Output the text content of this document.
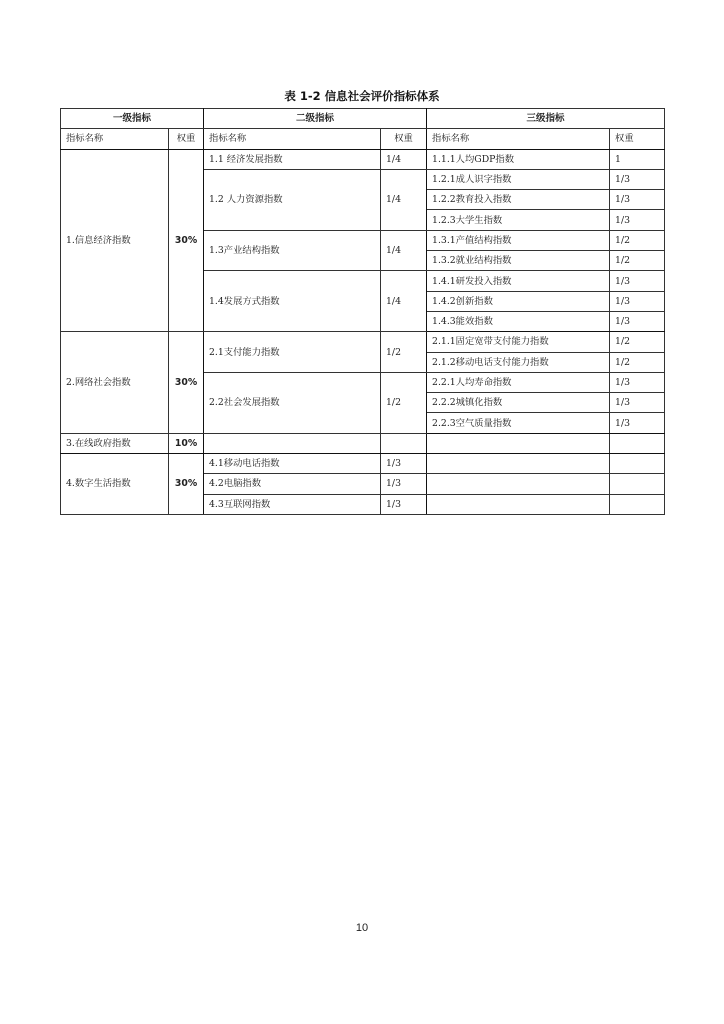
表 1-2 信息社会评价指标体系
一级指标		二级指标		三级指标	
指标名称	权重	指标名称	权重	指标名称	权重
1.信息经济指数	30%	1.1 经济发展指数	1/4	1.1.1人均GDP指数	1
		1.2 人力资源指数	1/4	1.2.1成人识字指数	1/3
				1.2.2教育投入指数	1/3
				1.2.3大学生指数	1/3
		1.3产业结构指数	1/4	1.3.1产值结构指数	1/2
				1.3.2就业结构指数	1/2
		1.4发展方式指数	1/4	1.4.1研发投入指数	1/3
				1.4.2创新指数	1/3
				1.4.3能效指数	1/3
2.网络社会指数	30%	2.1支付能力指数	1/2	2.1.1固定宽带支付能力指数	1/2
				2.1.2移动电话支付能力指数	1/2
		2.2社会发展指数	1/2	2.2.1人均寿命指数	1/3
				2.2.2城镇化指数	1/3
				2.2.3空气质量指数	1/3
3.在线政府指数	10%				
4.数字生活指数	30%	4.1移动电话指数	1/3		
		4.2电脑指数	1/3		
		4.3互联网指数	1/3		
10
